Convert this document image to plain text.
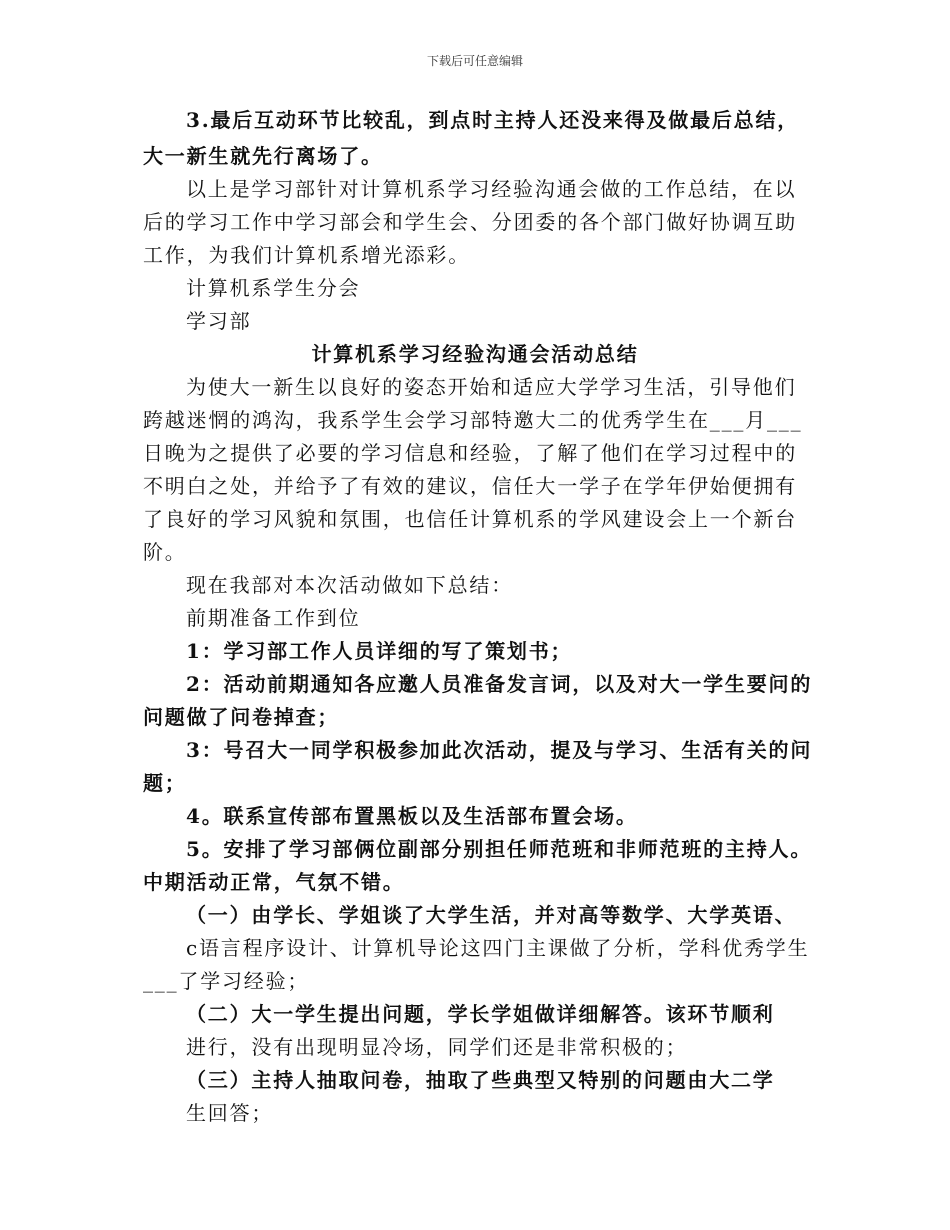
下载后可任意编辑
3.最后互动环节比较乱，到点时主持人还没来得及做最后总结，
大一新生就先行离场了。
以上是学习部针对计算机系学习经验沟通会做的工作总结，在以
后的学习工作中学习部会和学生会、分团委的各个部门做好协调互助
工作，为我们计算机系增光添彩。
计算机系学生分会
学习部
计算机系学习经验沟通会活动总结
为使大一新生以良好的姿态开始和适应大学学习生活，引导他们
跨越迷惘的鸿沟，我系学生会学习部特邀大二的优秀学生在___月___
日晚为之提供了必要的学习信息和经验，了解了他们在学习过程中的
不明白之处，并给予了有效的建议，信任大一学子在学年伊始便拥有
了良好的学习风貌和氛围，也信任计算机系的学风建设会上一个新台
阶。
现在我部对本次活动做如下总结：
前期准备工作到位
1：学习部工作人员详细的写了策划书；
2：活动前期通知各应邀人员准备发言词，以及对大一学生要问的
问题做了问卷掉查；
3：号召大一同学积极参加此次活动，提及与学习、生活有关的问
题；
4。联系宣传部布置黑板以及生活部布置会场。
5。安排了学习部俩位副部分别担任师范班和非师范班的主持人。
中期活动正常，气氛不错。
（一）由学长、学姐谈了大学生活，并对高等数学、大学英语、
c语言程序设计、计算机导论这四门主课做了分析，学科优秀学生
___了学习经验；
（二）大一学生提出问题，学长学姐做详细解答。该环节顺利
进行，没有出现明显冷场，同学们还是非常积极的；
（三）主持人抽取问卷，抽取了些典型又特别的问题由大二学
生回答；
